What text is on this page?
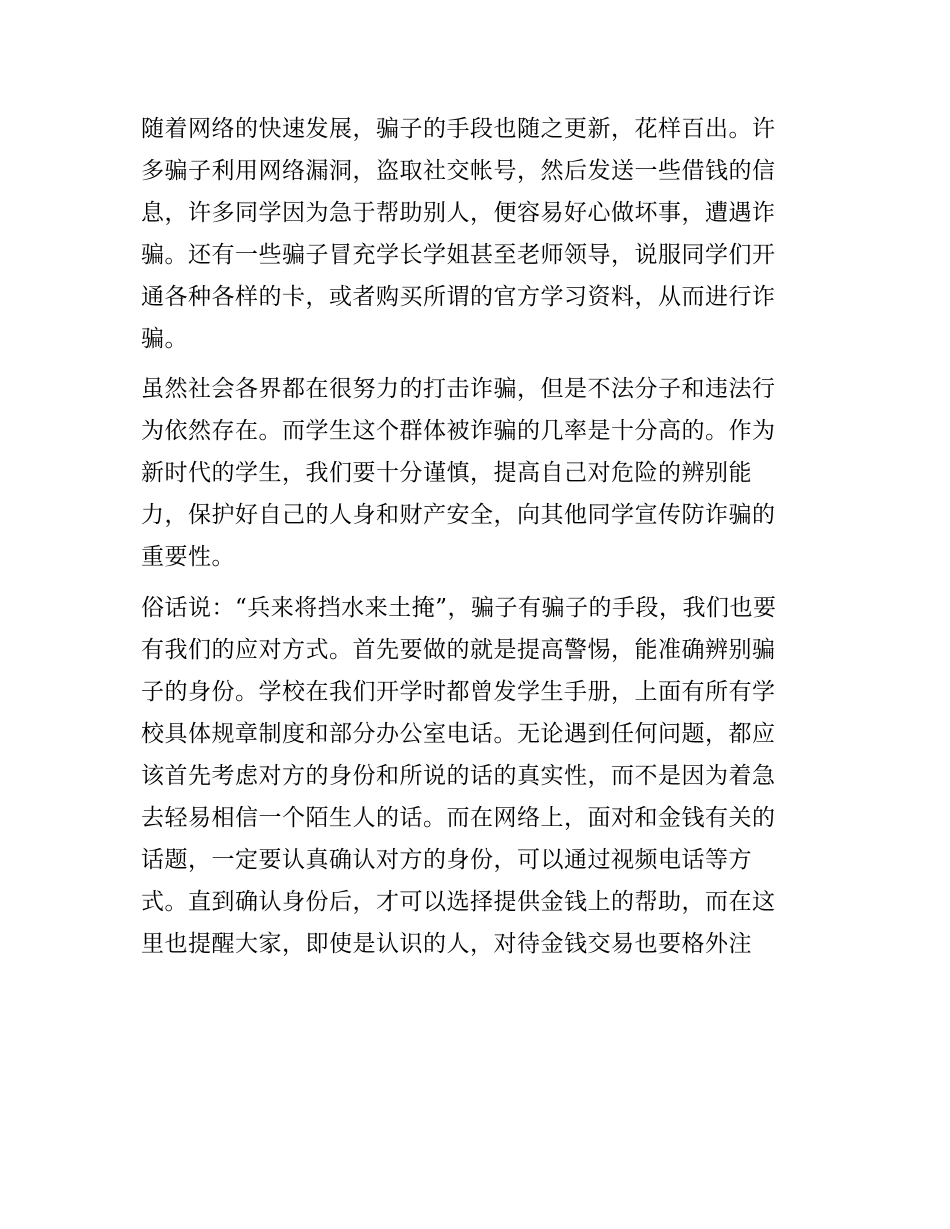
随着网络的快速发展，骗子的手段也随之更新，花样百出。许
多骗子利用网络漏洞，盗取社交帐号，然后发送一些借钱的信
息，许多同学因为急于帮助别人，便容易好心做坏事，遭遇诈
骗。还有一些骗子冒充学长学姐甚至老师领导，说服同学们开
通各种各样的卡，或者购买所谓的官方学习资料，从而进行诈
骗。
虽然社会各界都在很努力的打击诈骗，但是不法分子和违法行
为依然存在。而学生这个群体被诈骗的几率是十分高的。作为
新时代的学生，我们要十分谨慎，提高自己对危险的辨别能
力，保护好自己的人身和财产安全，向其他同学宣传防诈骗的
重要性。
俗话说：“兵来将挡水来土掩”，骗子有骗子的手段，我们也要
有我们的应对方式。首先要做的就是提高警惕，能准确辨别骗
子的身份。学校在我们开学时都曾发学生手册，上面有所有学
校具体规章制度和部分办公室电话。无论遇到任何问题，都应
该首先考虑对方的身份和所说的话的真实性，而不是因为着急
去轻易相信一个陌生人的话。而在网络上，面对和金钱有关的
话题，一定要认真确认对方的身份，可以通过视频电话等方
式。直到确认身份后，才可以选择提供金钱上的帮助，而在这
里也提醒大家，即使是认识的人，对待金钱交易也要格外注
